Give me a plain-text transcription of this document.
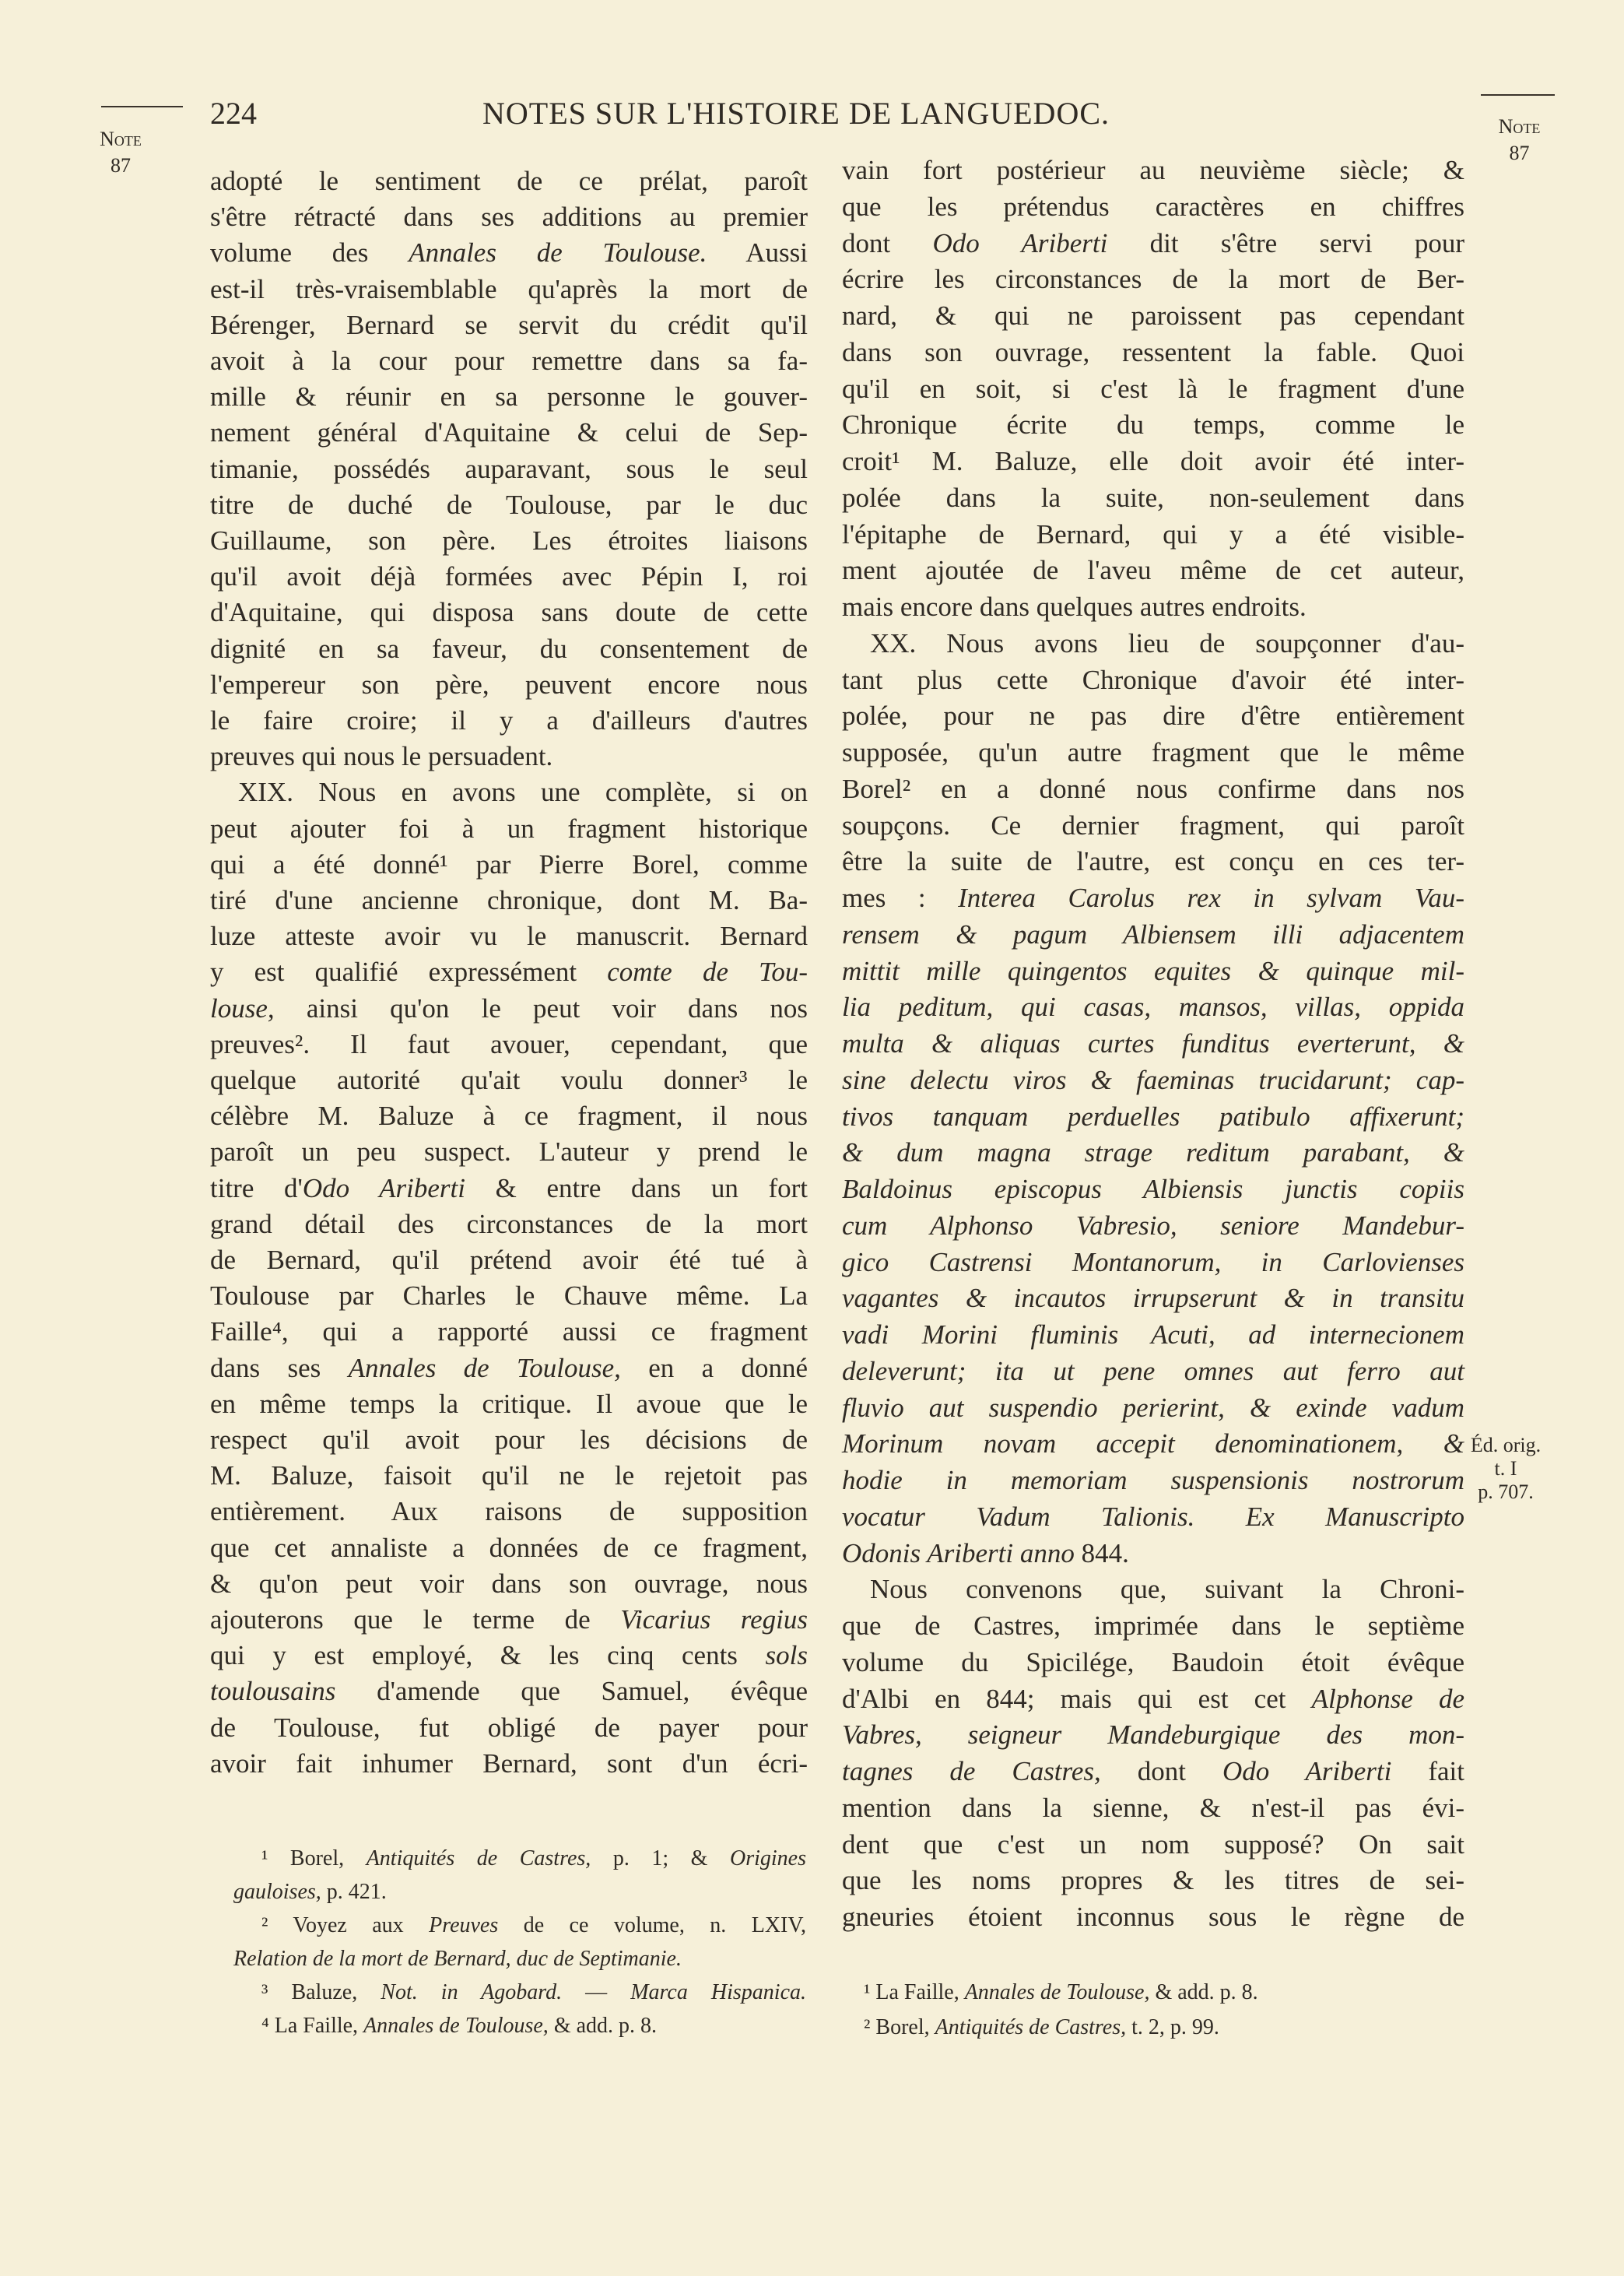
224	NOTES SUR L'HISTOIRE DE LANGUEDOC.
Note
87
Note
87
Éd. orig.
t. I
p. 707.
adopté le sentiment de ce prélat, paroît
s'être rétracté dans ses additions au premier
volume des Annales de Toulouse. Aussi
est-il très-vraisemblable qu'après la mort de
Bérenger, Bernard se servit du crédit qu'il
avoit à la cour pour remettre dans sa fa-
mille & réunir en sa personne le gouver-
nement général d'Aquitaine & celui de Sep-
timanie, possédés auparavant, sous le seul
titre de duché de Toulouse, par le duc
Guillaume, son père. Les étroites liaisons
qu'il avoit déjà formées avec Pépin I, roi
d'Aquitaine, qui disposa sans doute de cette
dignité en sa faveur, du consentement de
l'empereur son père, peuvent encore nous
le faire croire; il y a d'ailleurs d'autres
preuves qui nous le persuadent.
XIX. Nous en avons une complète, si on
peut ajouter foi à un fragment historique
qui a été donné¹ par Pierre Borel, comme
tiré d'une ancienne chronique, dont M. Ba-
luze atteste avoir vu le manuscrit. Bernard
y est qualifié expressément comte de Tou-
louse, ainsi qu'on le peut voir dans nos
preuves². Il faut avouer, cependant, que
quelque autorité qu'ait voulu donner³ le
célèbre M. Baluze à ce fragment, il nous
paroît un peu suspect. L'auteur y prend le
titre d'Odo Ariberti & entre dans un fort
grand détail des circonstances de la mort
de Bernard, qu'il prétend avoir été tué à
Toulouse par Charles le Chauve même. La
Faille⁴, qui a rapporté aussi ce fragment
dans ses Annales de Toulouse, en a donné
en même temps la critique. Il avoue que le
respect qu'il avoit pour les décisions de
M. Baluze, faisoit qu'il ne le rejetoit pas
entièrement. Aux raisons de supposition
que cet annaliste a données de ce fragment,
& qu'on peut voir dans son ouvrage, nous
ajouterons que le terme de Vicarius regius
qui y est employé, & les cinq cents sols
toulousains d'amende que Samuel, évêque
de Toulouse, fut obligé de payer pour
avoir fait inhumer Bernard, sont d'un écri-
vain fort postérieur au neuvième siècle; &
que les prétendus caractères en chiffres
dont Odo Ariberti dit s'être servi pour
écrire les circonstances de la mort de Ber-
nard, & qui ne paroissent pas cependant
dans son ouvrage, ressentent la fable. Quoi
qu'il en soit, si c'est là le fragment d'une
Chronique écrite du temps, comme le
croit¹ M. Baluze, elle doit avoir été inter-
polée dans la suite, non-seulement dans
l'épitaphe de Bernard, qui y a été visible-
ment ajoutée de l'aveu même de cet auteur,
mais encore dans quelques autres endroits.
XX. Nous avons lieu de soupçonner d'au-
tant plus cette Chronique d'avoir été inter-
polée, pour ne pas dire d'être entièrement
supposée, qu'un autre fragment que le même
Borel² en a donné nous confirme dans nos
soupçons. Ce dernier fragment, qui paroît
être la suite de l'autre, est conçu en ces ter-
mes : Interea Carolus rex in sylvam Vau-
rensem & pagum Albiensem illi adjacentem
mittit mille quingentos equites & quinque mil-
lia peditum, qui casas, mansos, villas, oppida
multa & aliquas curtes funditus everterunt, &
sine delectu viros & faeminas trucidarunt; cap-
tivos tanquam perduelles patibulo affixerunt;
& dum magna strage reditum parabant, &
Baldoinus episcopus Albiensis junctis copiis
cum Alphonso Vabresio, seniore Mandebur-
gico Castrensi Montanorum, in Carlovienses
vagantes & incautos irrupserunt & in transitu
vadi Morini fluminis Acuti, ad internecionem
deleverunt; ita ut pene omnes aut ferro aut
fluvio aut suspendio perierint, & exinde vadum
Morinum novam accepit denominationem, &
hodie in memoriam suspensionis nostrorum
vocatur Vadum Talionis. Ex Manuscripto
Odonis Ariberti anno 844.
Nous convenons que, suivant la Chroni-
que de Castres, imprimée dans le septième
volume du Spicilége, Baudoin étoit évêque
d'Albi en 844; mais qui est cet Alphonse de
Vabres, seigneur Mandeburgique des mon-
tagnes de Castres, dont Odo Ariberti fait
mention dans la sienne, & n'est-il pas évi-
dent que c'est un nom supposé? On sait
que les noms propres & les titres de sei-
gneuries étoient inconnus sous le règne de
¹ Borel, Antiquités de Castres, p. 1; & Origines
gauloises, p. 421.
² Voyez aux Preuves de ce volume, n. LXIV,
Relation de la mort de Bernard, duc de Septimanie.
³ Baluze, Not. in Agobard. — Marca Hispanica.
⁴ La Faille, Annales de Toulouse, & add. p. 8.
¹ La Faille, Annales de Toulouse, & add. p. 8.
² Borel, Antiquités de Castres, t. 2, p. 99.
